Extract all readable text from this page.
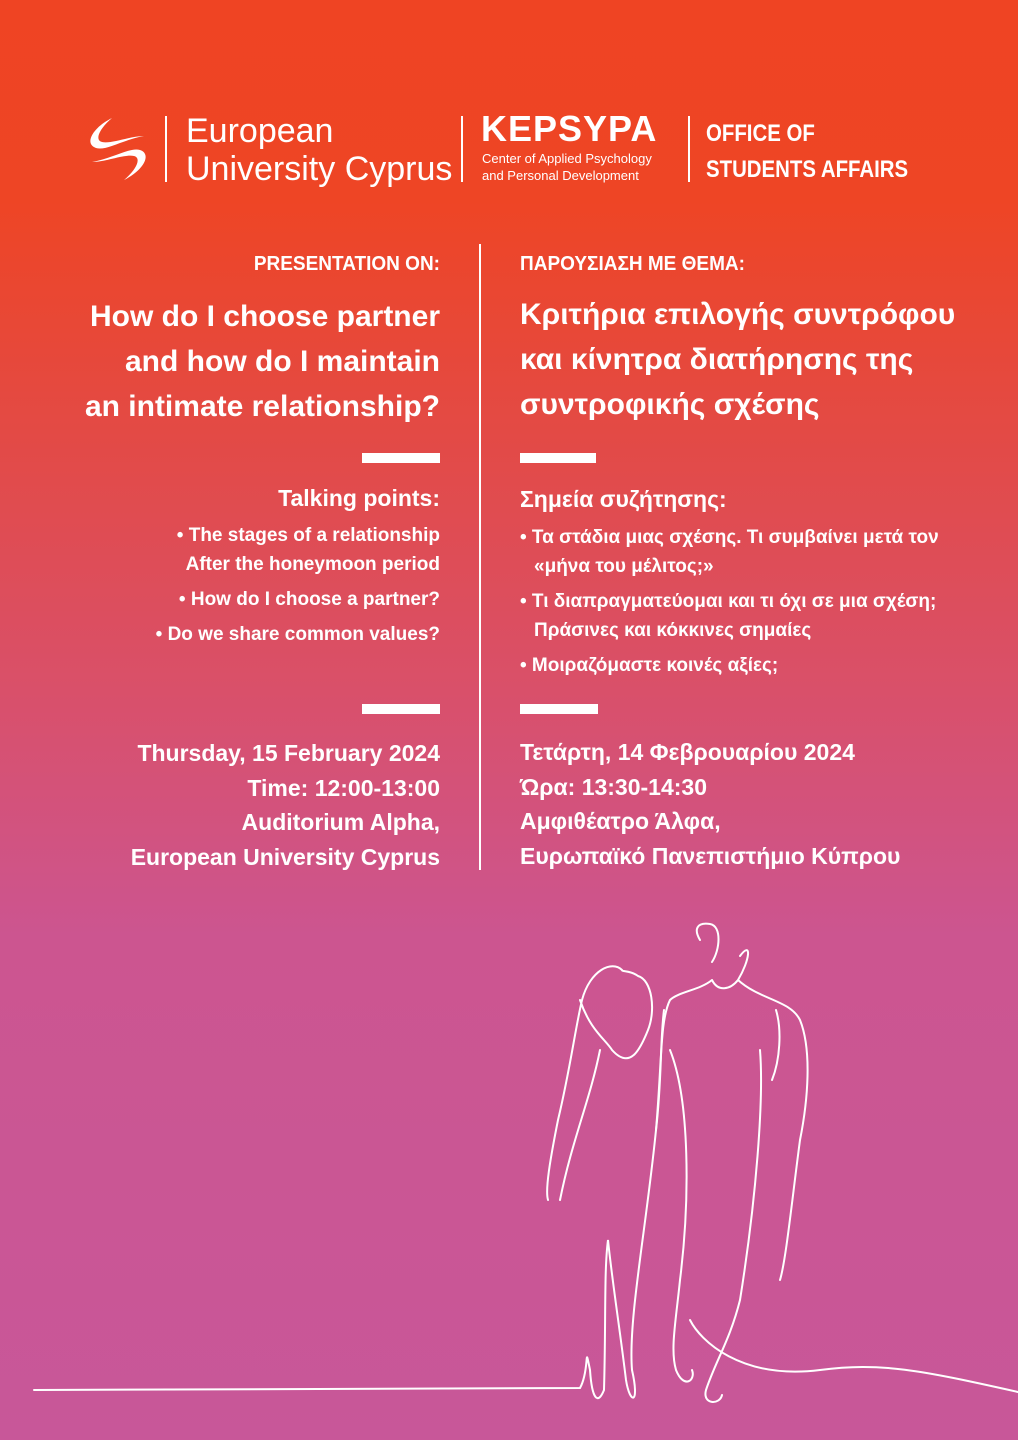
European
University Cyprus
KEPSYPA
Center of Applied Psychology
and Personal Development
OFFICE OF
STUDENTS AFFAIRS
PRESENTATION ON:
How do I choose partner
and how do I maintain
an intimate relationship?
Talking points:
• The stages of a relationship
After the honeymoon period
• How do I choose a partner?
• Do we share common values?
Thursday, 15 February 2024
Time: 12:00-13:00
Auditorium Alpha,
European University Cyprus
ΠΑΡΟΥΣΙΑΣΗ ΜΕ ΘΕΜΑ:
Κριτήρια επιλογής συντρόφου
και κίνητρα διατήρησης της
συντροφικής σχέσης
Σημεία συζήτησης:
• Τα στάδια μιας σχέσης. Τι συμβαίνει μετά τον
«μήνα του μέλιτος;»
• Τι διαπραγματεύομαι και τι όχι σε μια σχέση;
Πράσινες και κόκκινες σημαίες
• Μοιραζόμαστε κοινές αξίες;
Τετάρτη, 14 Φεβρουαρίου 2024
Ώρα: 13:30-14:30
Αμφιθέατρο Άλφα,
Ευρωπαϊκό Πανεπιστήμιο Κύπρου
